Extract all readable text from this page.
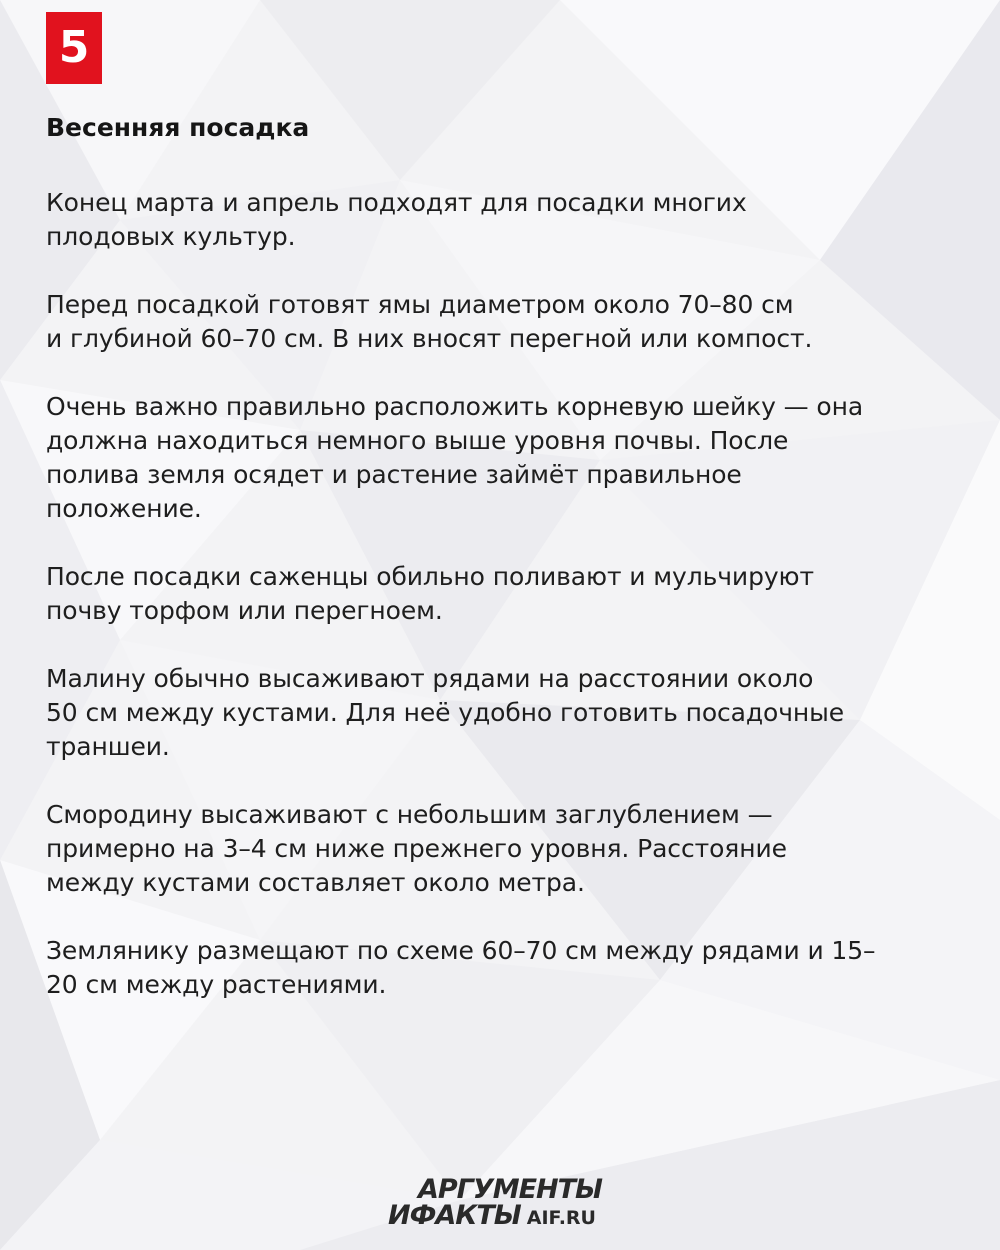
5
Весенняя посадка

Конец марта и апрель подходят для посадки многих
плодовых культур.

Перед посадкой готовят ямы диаметром около 70–80 см
и глубиной 60–70 см. В них вносят перегной или компост.

Очень важно правильно расположить корневую шейку — она
должна находиться немного выше уровня почвы. После
полива земля осядет и растение займёт правильное
положение.

После посадки саженцы обильно поливают и мульчируют
почву торфом или перегноем.

Малину обычно высаживают рядами на расстоянии около
50 см между кустами. Для неё удобно готовить посадочные
траншеи.

Смородину высаживают с небольшим заглублением —
примерно на 3–4 см ниже прежнего уровня. Расстояние
между кустами составляет около метра.

Землянику размещают по схеме 60–70 см между рядами и 15–
20 см между растениями.

АРГУМЕНТЫ
ИФАКТЫ AIF.RU
